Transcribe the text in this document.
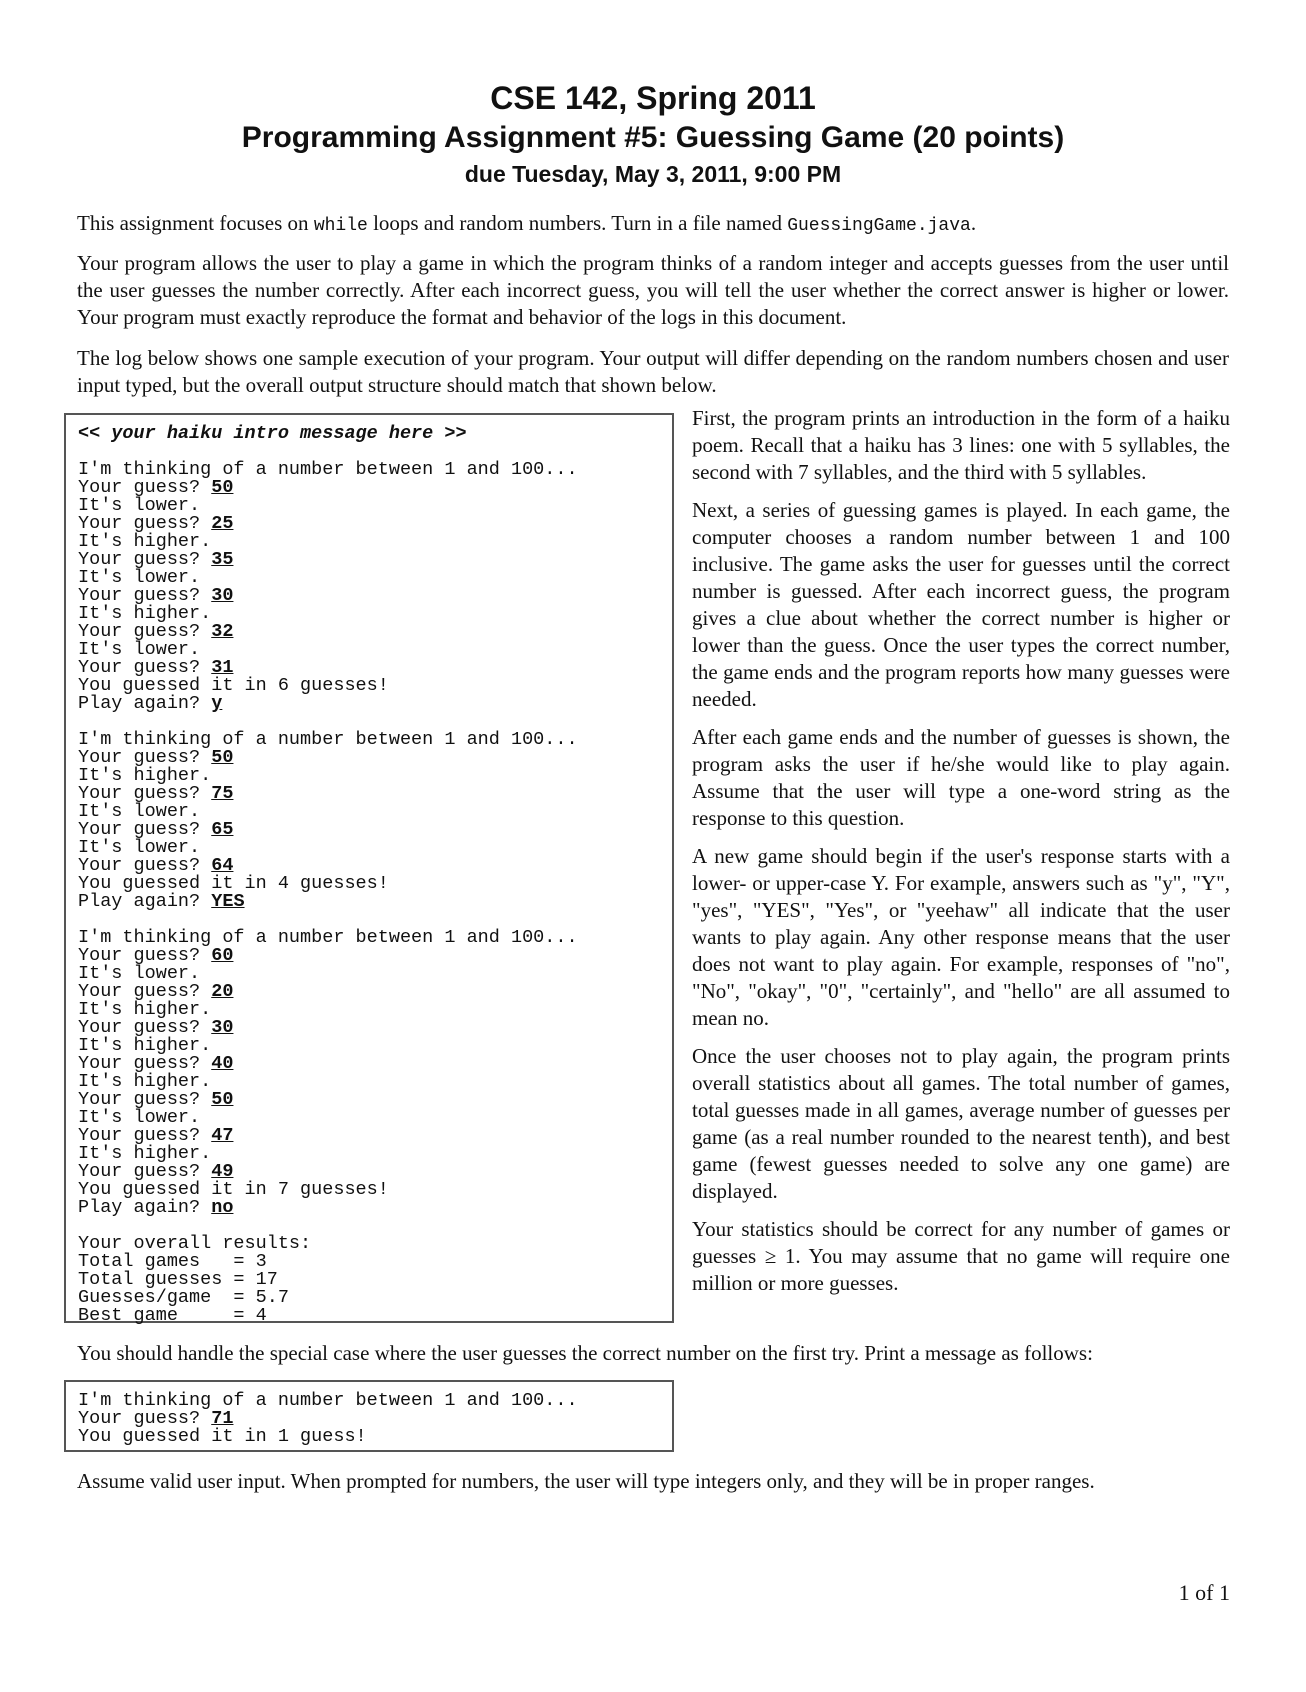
CSE 142, Spring 2011
Programming Assignment #5: Guessing Game (20 points)
due Tuesday, May 3, 2011, 9:00 PM

This assignment focuses on while loops and random numbers. Turn in a file named GuessingGame.java.

Your program allows the user to play a game in which the program thinks of a random integer and accepts guesses from the user until the user guesses the number correctly. After each incorrect guess, you will tell the user whether the correct answer is higher or lower. Your program must exactly reproduce the format and behavior of the logs in this document.

The log below shows one sample execution of your program. Your output will differ depending on the random numbers chosen and user input typed, but the overall output structure should match that shown below.

<< your haiku intro message here >>
I'm thinking of a number between 1 and 100...
Your guess? 50
It's lower.
Your guess? 25
It's higher.
Your guess? 35
It's lower.
Your guess? 30
It's higher.
Your guess? 32
It's lower.
Your guess? 31
You guessed it in 6 guesses!
Play again? y
I'm thinking of a number between 1 and 100...
Your guess? 50
It's higher.
Your guess? 75
It's lower.
Your guess? 65
It's lower.
Your guess? 64
You guessed it in 4 guesses!
Play again? YES
I'm thinking of a number between 1 and 100...
Your guess? 60
It's lower.
Your guess? 20
It's higher.
Your guess? 30
It's higher.
Your guess? 40
It's higher.
Your guess? 50
It's lower.
Your guess? 47
It's higher.
Your guess? 49
You guessed it in 7 guesses!
Play again? no
Your overall results:
Total games   = 3
Total guesses = 17
Guesses/game  = 5.7
Best game     = 4

First, the program prints an introduction in the form of a haiku poem. Recall that a haiku has 3 lines: one with 5 syllables, the second with 7 syllables, and the third with 5 syllables.

Next, a series of guessing games is played. In each game, the computer chooses a random number between 1 and 100 inclusive. The game asks the user for guesses until the correct number is guessed. After each incorrect guess, the program gives a clue about whether the correct number is higher or lower than the guess. Once the user types the correct number, the game ends and the program reports how many guesses were needed.

After each game ends and the number of guesses is shown, the program asks the user if he/she would like to play again. Assume that the user will type a one-word string as the response to this question.

A new game should begin if the user's response starts with a lower- or upper-case Y. For example, answers such as "y", "Y", "yes", "YES", "Yes", or "yeehaw" all indicate that the user wants to play again. Any other response means that the user does not want to play again. For example, responses of "no", "No", "okay", "0", "certainly", and "hello" are all assumed to mean no.

Once the user chooses not to play again, the program prints overall statistics about all games. The total number of games, total guesses made in all games, average number of guesses per game (as a real number rounded to the nearest tenth), and best game (fewest guesses needed to solve any one game) are displayed.

Your statistics should be correct for any number of games or guesses ≥ 1. You may assume that no game will require one million or more guesses.

You should handle the special case where the user guesses the correct number on the first try. Print a message as follows:

I'm thinking of a number between 1 and 100...
Your guess? 71
You guessed it in 1 guess!

Assume valid user input. When prompted for numbers, the user will type integers only, and they will be in proper ranges.

1 of 1
